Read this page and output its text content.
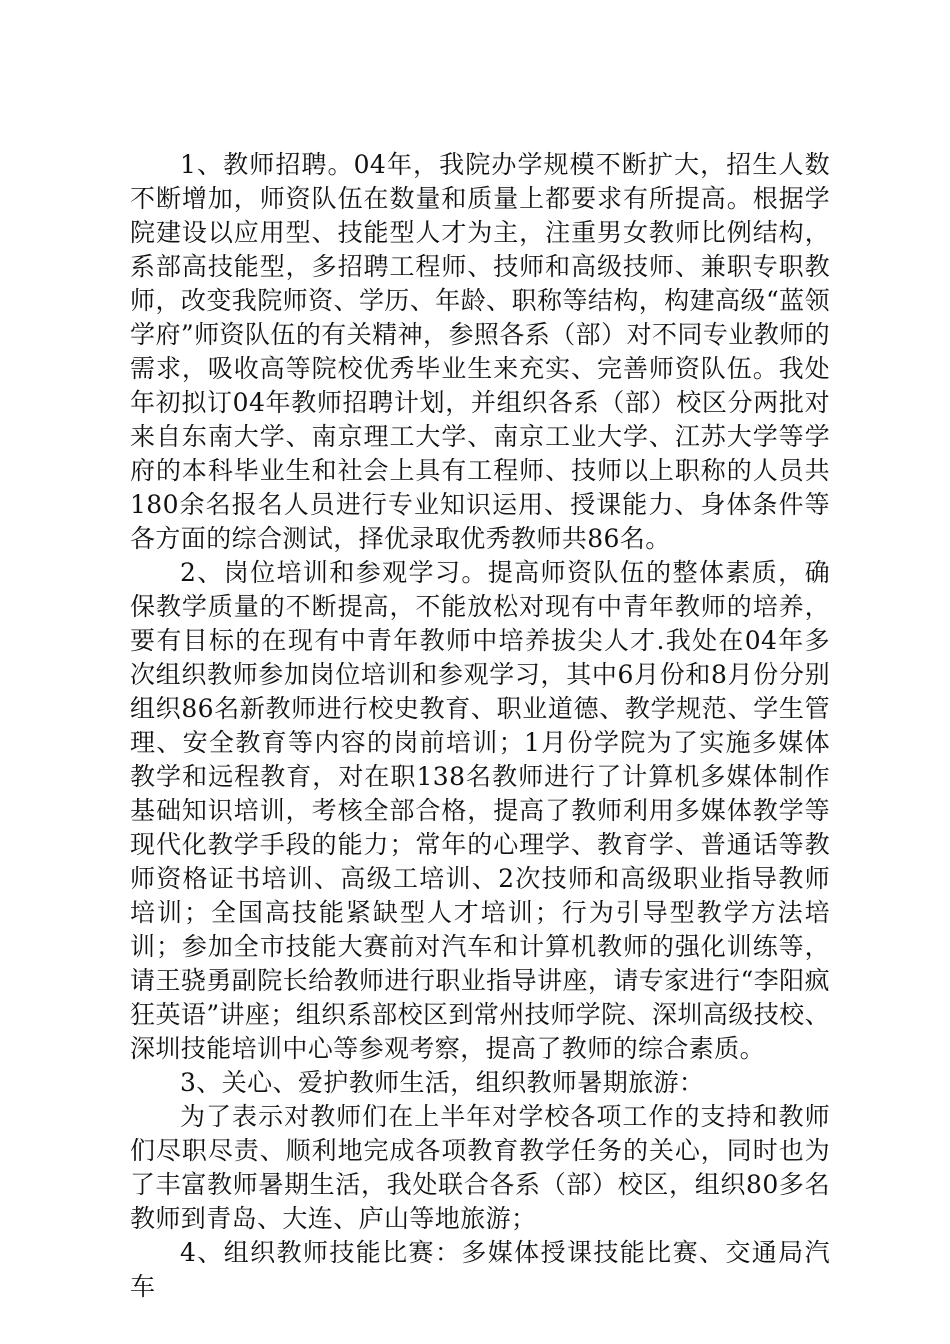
1、教师招聘。04年，我院办学规模不断扩大，招生人数不断增加，师资队伍在数量和质量上都要求有所提高。根据学院建设以应用型、技能型人才为主，注重男女教师比例结构，系部高技能型，多招聘工程师、技师和高级技师、兼职专职教师，改变我院师资、学历、年龄、职称等结构，构建高级“蓝领学府”师资队伍的有关精神，参照各系（部）对不同专业教师的需求，吸收高等院校优秀毕业生来充实、完善师资队伍。我处年初拟订04年教师招聘计划，并组织各系（部）校区分两批对来自东南大学、南京理工大学、南京工业大学、江苏大学等学府的本科毕业生和社会上具有工程师、技师以上职称的人员共180余名报名人员进行专业知识运用、授课能力、身体条件等各方面的综合测试，择优录取优秀教师共86名。

2、岗位培训和参观学习。提高师资队伍的整体素质，确保教学质量的不断提高，不能放松对现有中青年教师的培养，要有目标的在现有中青年教师中培养拔尖人才.我处在04年多次组织教师参加岗位培训和参观学习，其中6月份和8月份分别组织86名新教师进行校史教育、职业道德、教学规范、学生管理、安全教育等内容的岗前培训；1月份学院为了实施多媒体教学和远程教育，对在职138名教师进行了计算机多媒体制作基础知识培训，考核全部合格，提高了教师利用多媒体教学等现代化教学手段的能力；常年的心理学、教育学、普通话等教师资格证书培训、高级工培训、2次技师和高级职业指导教师培训；全国高技能紧缺型人才培训；行为引导型教学方法培训；参加全市技能大赛前对汽车和计算机教师的强化训练等，请王骁勇副院长给教师进行职业指导讲座，请专家进行“李阳疯狂英语”讲座；组织系部校区到常州技师学院、深圳高级技校、深圳技能培训中心等参观考察，提高了教师的综合素质。

3、关心、爱护教师生活，组织教师暑期旅游：

为了表示对教师们在上半年对学校各项工作的支持和教师们尽职尽责、顺利地完成各项教育教学任务的关心，同时也为了丰富教师暑期生活，我处联合各系（部）校区，组织80多名教师到青岛、大连、庐山等地旅游；

4、组织教师技能比赛：多媒体授课技能比赛、交通局汽车
